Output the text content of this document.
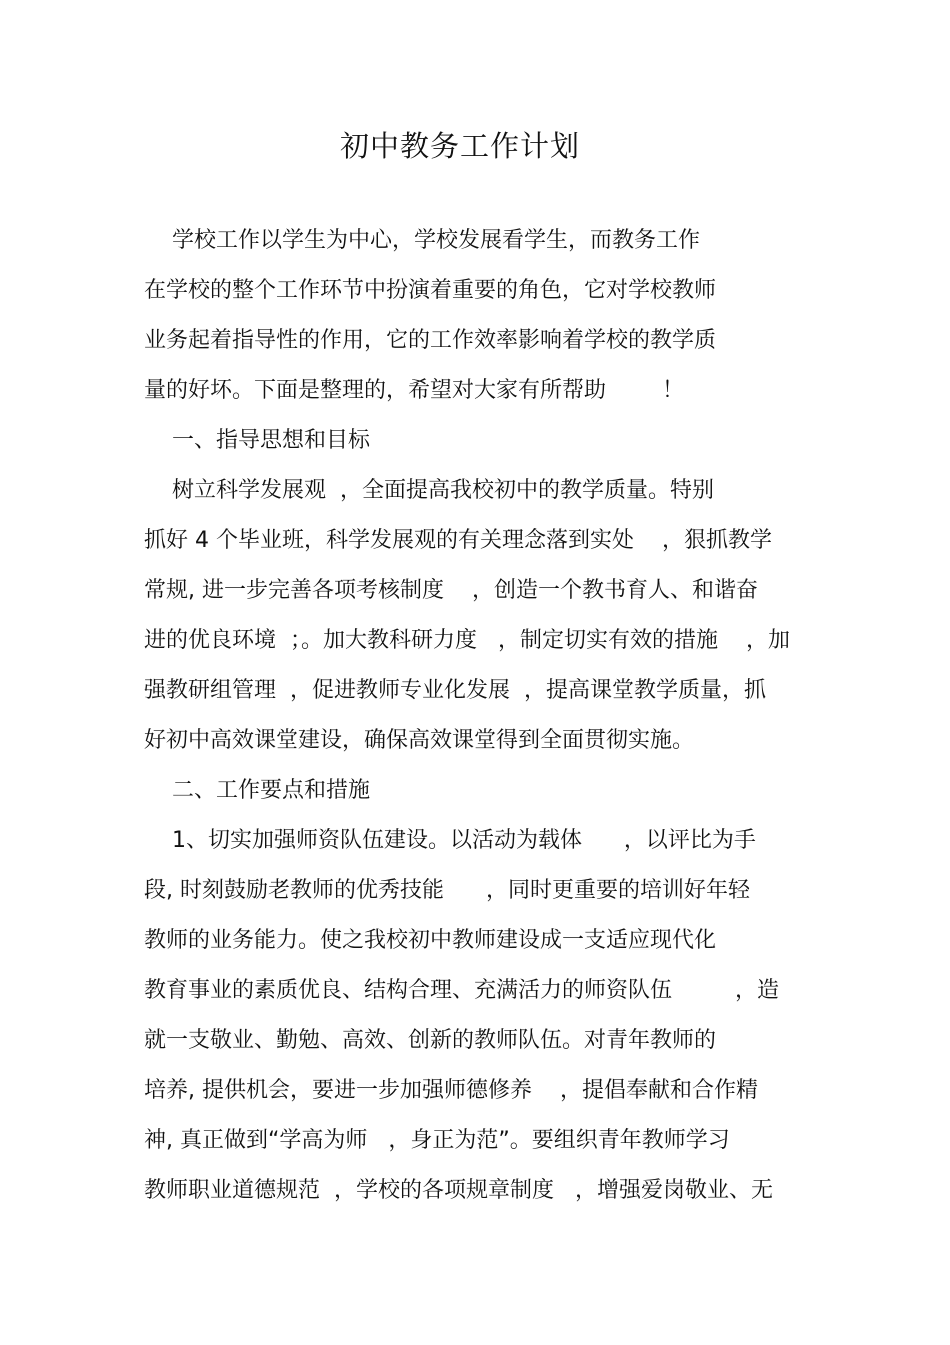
初中教务工作计划
学校工作以学生为中心，学校发展看学生，而教务工作
在学校的整个工作环节中扮演着重要的角色，它对学校教师
业务起着指导性的作用，它的工作效率影响着学校的教学质
量的好坏。下面是整理的，希望对大家有所帮助        ！
一、指导思想和目标
树立科学发展观  ，全面提高我校初中的教学质量。特别
抓好 4 个毕业班，科学发展观的有关理念落到实处    ，狠抓教学
常规, 进一步完善各项考核制度    ，创造一个教书育人、和谐奋
进的优良环境  ；。加大教科研力度   ，制定切实有效的措施    ，加
强教研组管理  ，促进教师专业化发展  ，提高课堂教学质量，抓
好初中高效课堂建设，确保高效课堂得到全面贯彻实施。
二、工作要点和措施
1、切实加强师资队伍建设。以活动为载体      ，以评比为手
段, 时刻鼓励老教师的优秀技能      ，同时更重要的培训好年轻
教师的业务能力。使之我校初中教师建设成一支适应现代化
教育事业的素质优良、结构合理、充满活力的师资队伍         ，造
就一支敬业、勤勉、高效、创新的教师队伍。对青年教师的
培养, 提供机会，要进一步加强师德修养    ，提倡奉献和合作精
神, 真正做到“学高为师   ，身正为范”。要组织青年教师学习
教师职业道德规范  ，学校的各项规章制度   ，增强爱岗敬业、无
